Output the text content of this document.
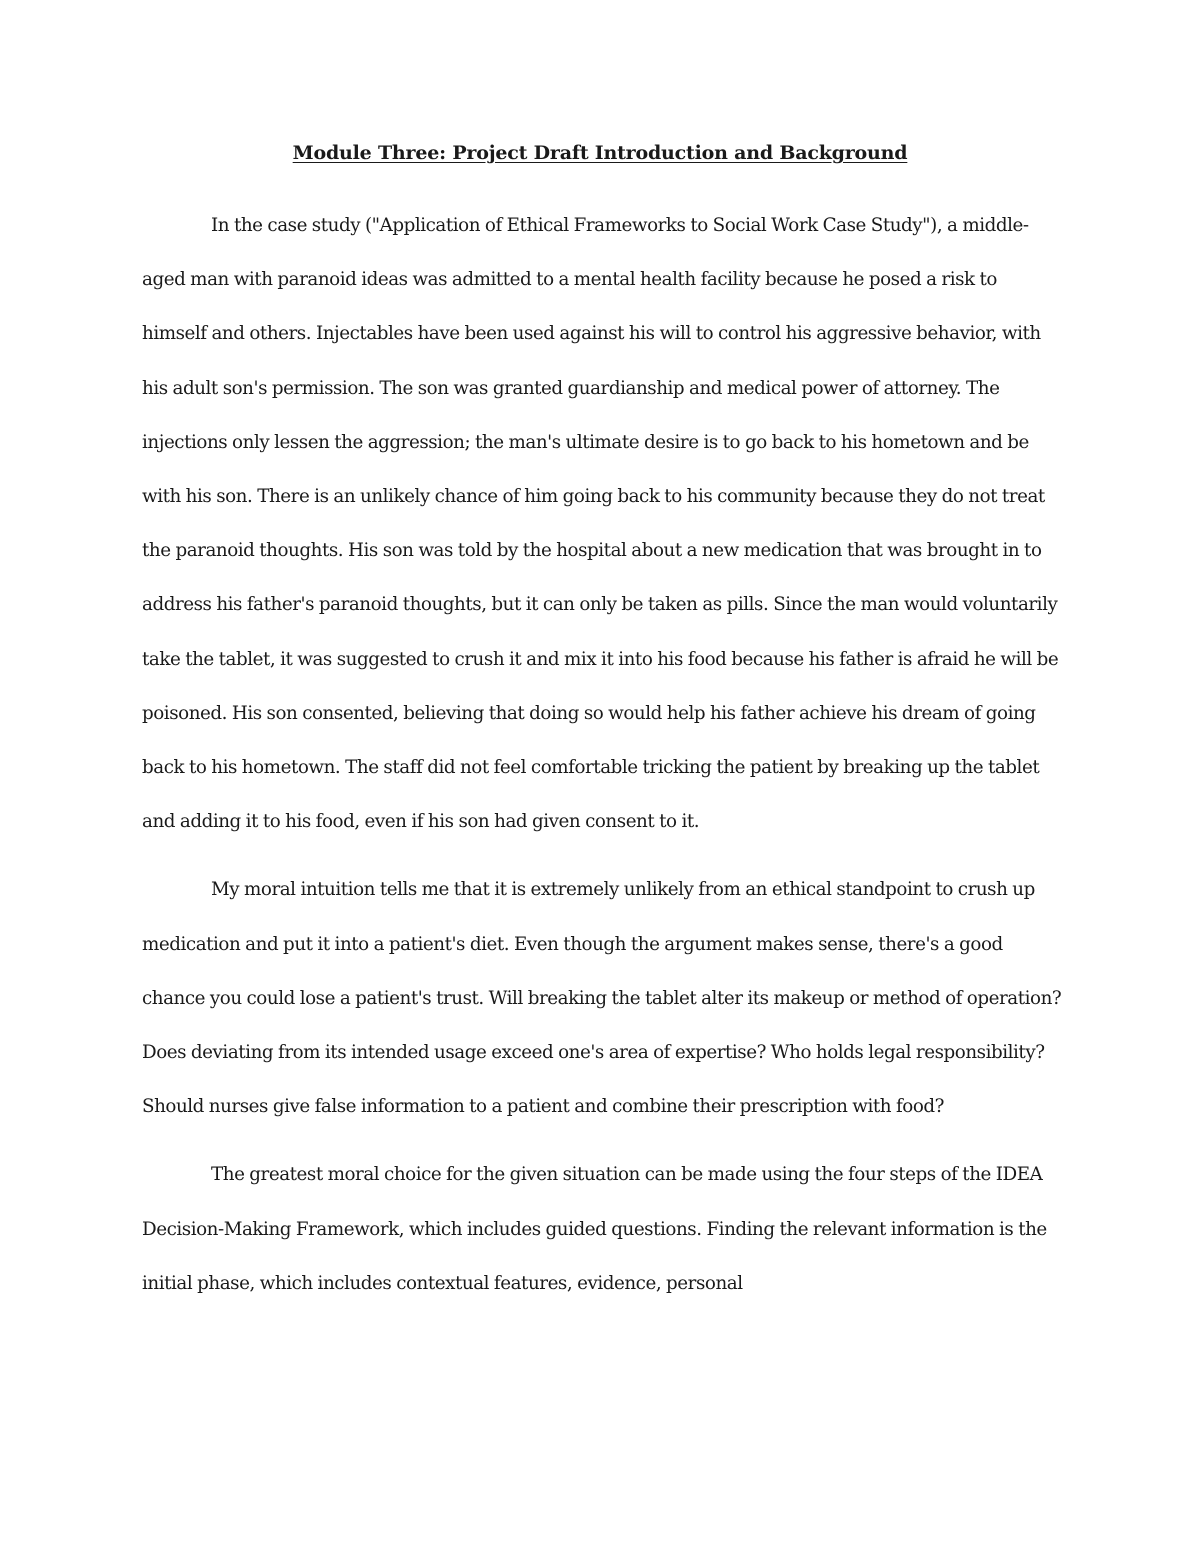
Module Three: Project Draft Introduction and Background

In the case study ("Application of Ethical Frameworks to Social Work Case Study"), a middle-aged man with paranoid ideas was admitted to a mental health facility because he posed a risk to himself and others. Injectables have been used against his will to control his aggressive behavior, with his adult son's permission. The son was granted guardianship and medical power of attorney. The injections only lessen the aggression; the man's ultimate desire is to go back to his hometown and be with his son. There is an unlikely chance of him going back to his community because they do not treat the paranoid thoughts. His son was told by the hospital about a new medication that was brought in to address his father's paranoid thoughts, but it can only be taken as pills. Since the man would voluntarily take the tablet, it was suggested to crush it and mix it into his food because his father is afraid he will be poisoned. His son consented, believing that doing so would help his father achieve his dream of going back to his hometown. The staff did not feel comfortable tricking the patient by breaking up the tablet and adding it to his food, even if his son had given consent to it.

My moral intuition tells me that it is extremely unlikely from an ethical standpoint to crush up medication and put it into a patient's diet. Even though the argument makes sense, there's a good chance you could lose a patient's trust. Will breaking the tablet alter its makeup or method of operation? Does deviating from its intended usage exceed one's area of expertise? Who holds legal responsibility? Should nurses give false information to a patient and combine their prescription with food?

The greatest moral choice for the given situation can be made using the four steps of the IDEA Decision-Making Framework, which includes guided questions. Finding the relevant information is the initial phase, which includes contextual features, evidence, personal
